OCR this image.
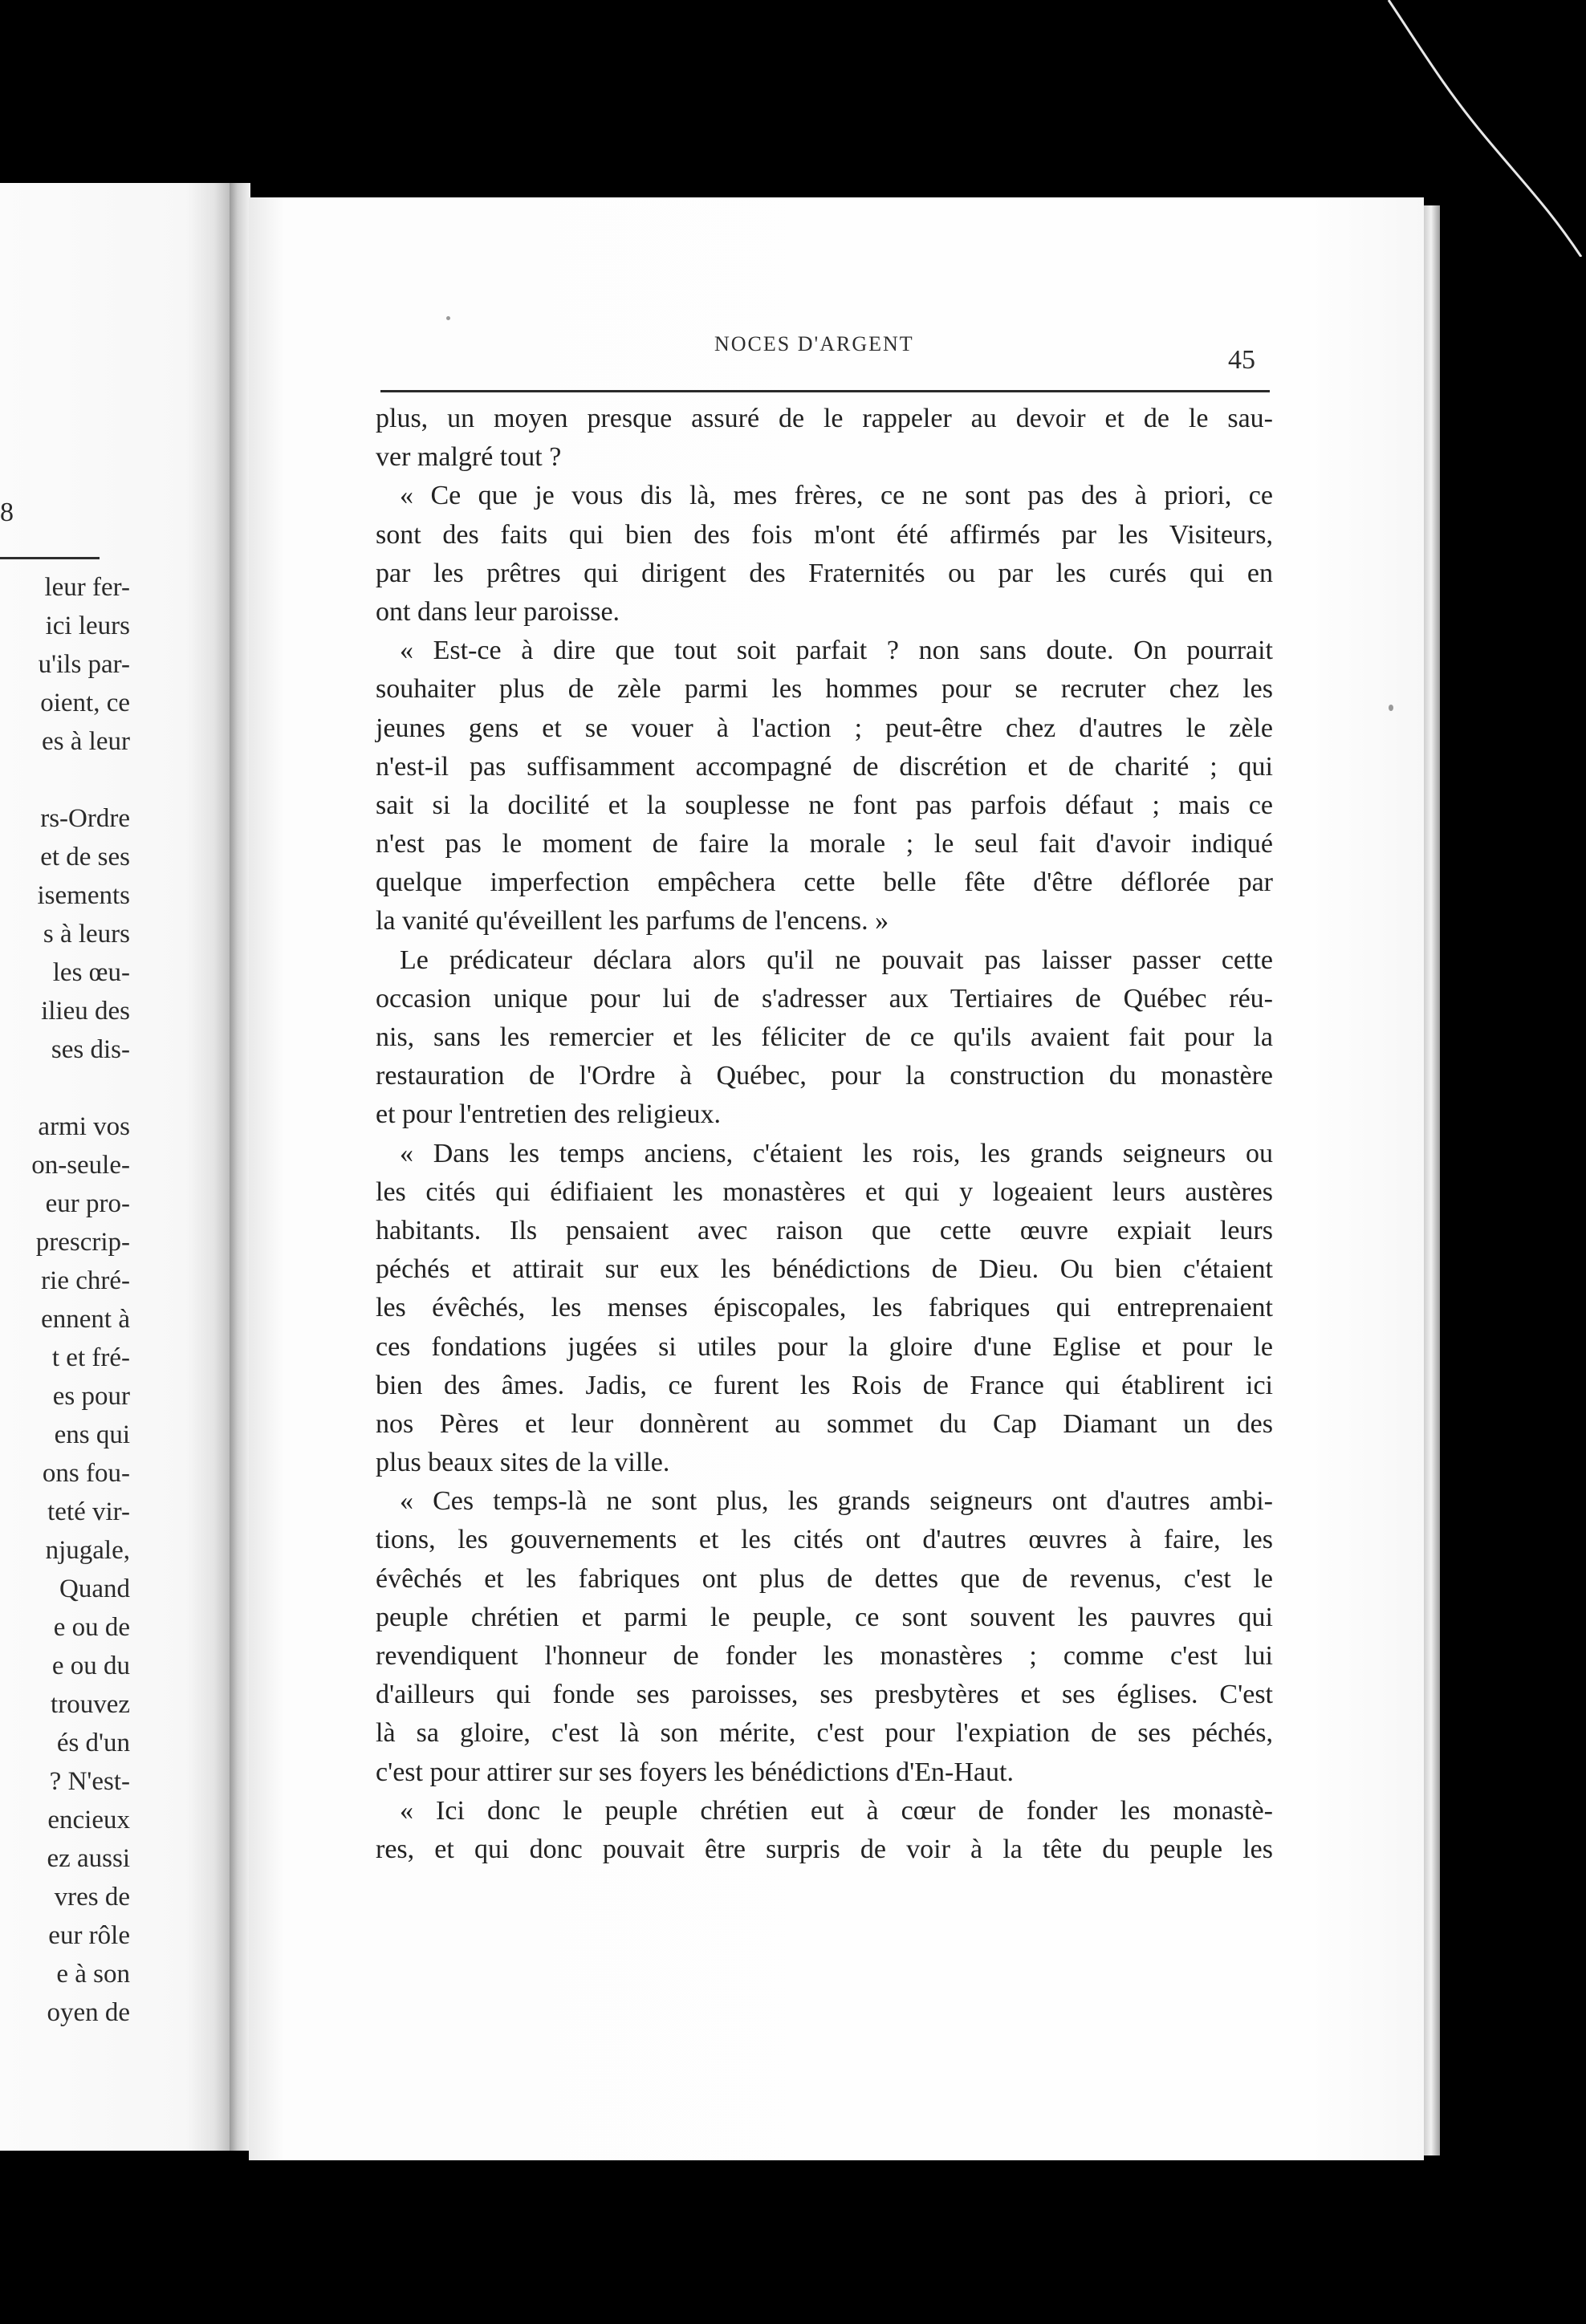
8
leur fer-
ici leurs
u'ils par-
oient, ce
es à leur
rs-Ordre
et de ses
isements
s à leurs
les œu-
ilieu des
ses dis-
armi vos
on-seule-
eur pro-
prescrip-
rie chré-
ennent à
t et fré-
es pour
ens qui
ons fou-
teté vir-
njugale,
Quand
e ou de
e ou du
trouvez
és d'un
? N'est-
encieux
ez aussi
vres de
eur rôle
e à son
oyen de
NOCES D'ARGENT
45
plus, un moyen presque assuré de le rappeler au devoir et de le sau-
ver malgré tout ?
« Ce que je vous dis là, mes frères, ce ne sont pas des à priori, ce
sont des faits qui bien des fois m'ont été affirmés par les Visiteurs,
par les prêtres qui dirigent des Fraternités ou par les curés qui en
ont dans leur paroisse.
« Est-ce à dire que tout soit parfait ? non sans doute. On pourrait
souhaiter plus de zèle parmi les hommes pour se recruter chez les
jeunes gens et se vouer à l'action ; peut-être chez d'autres le zèle
n'est-il pas suffisamment accompagné de discrétion et de charité ; qui
sait si la docilité et la souplesse ne font pas parfois défaut ; mais ce
n'est pas le moment de faire la morale ; le seul fait d'avoir indiqué
quelque imperfection empêchera cette belle fête d'être déflorée par
la vanité qu'éveillent les parfums de l'encens. »
Le prédicateur déclara alors qu'il ne pouvait pas laisser passer cette
occasion unique pour lui de s'adresser aux Tertiaires de Québec réu-
nis, sans les remercier et les féliciter de ce qu'ils avaient fait pour la
restauration de l'Ordre à Québec, pour la construction du monastère
et pour l'entretien des religieux.
« Dans les temps anciens, c'étaient les rois, les grands seigneurs ou
les cités qui édifiaient les monastères et qui y logeaient leurs austères
habitants. Ils pensaient avec raison que cette œuvre expiait leurs
péchés et attirait sur eux les bénédictions de Dieu. Ou bien c'étaient
les évêchés, les menses épiscopales, les fabriques qui entreprenaient
ces fondations jugées si utiles pour la gloire d'une Eglise et pour le
bien des âmes. Jadis, ce furent les Rois de France qui établirent ici
nos Pères et leur donnèrent au sommet du Cap Diamant un des
plus beaux sites de la ville.
« Ces temps-là ne sont plus, les grands seigneurs ont d'autres ambi-
tions, les gouvernements et les cités ont d'autres œuvres à faire, les
évêchés et les fabriques ont plus de dettes que de revenus, c'est le
peuple chrétien et parmi le peuple, ce sont souvent les pauvres qui
revendiquent l'honneur de fonder les monastères ; comme c'est lui
d'ailleurs qui fonde ses paroisses, ses presbytères et ses églises. C'est
là sa gloire, c'est là son mérite, c'est pour l'expiation de ses péchés,
c'est pour attirer sur ses foyers les bénédictions d'En-Haut.
« Ici donc le peuple chrétien eut à cœur de fonder les monastè-
res, et qui donc pouvait être surpris de voir à la tête du peuple les
